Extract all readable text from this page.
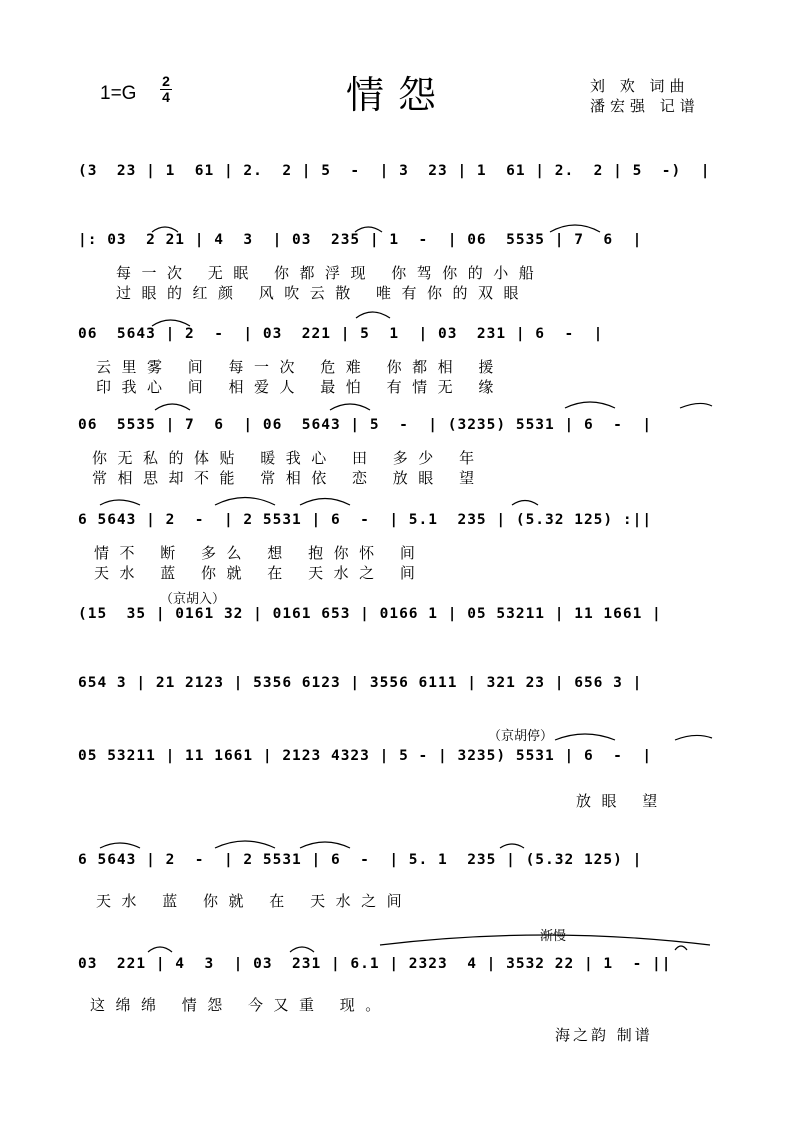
1=G
2
4	情怨	刘 欢 词曲
潘宏强 记谱
(3  23 | 1  61 | 2.  2 | 5  -  | 3  23 | 1  61 | 2.  2 | 5  -)  |
|: 03  2 21 | 4  3  | 03  235 | 1  -  | 06  5535 | 7  6  |
每一次 无眠 你都浮现 你驾你的小船
过眼的红颜 风吹云散 唯有你的双眼
06  5643 | 2  -  | 03  221 | 5  1  | 03  231 | 6  -  |
云里雾 间 每一次 危难 你都相 援
印我心 间 相爱人 最怕 有情无 缘
06  5535 | 7  6  | 06  5643 | 5  -  | (3235) 5531 | 6  -  |
你无私的体贴 暖我心 田 多少 年
常相思却不能 常相依 恋 放眼 望
6 5643 | 2  -  | 2 5531 | 6  -  | 5.1  235 | (5.32 125) :||
情不 断 多么 想 抱你怀 间
天水 蓝 你就 在 天水之 间
（京胡入）
(15  35 | 0161 32 | 0161 653 | 0166 1 | 05 53211 | 11 1661 |
654 3 | 21 2123 | 5356 6123 | 3556 6111 | 321 23 | 656 3 |
（京胡停）
05 53211 | 11 1661 | 2123 4323 | 5 - | 3235) 5531 | 6  -  |
放眼 望
6 5643 | 2  -  | 2 5531 | 6  -  | 5. 1  235 | (5.32 125) |
天水 蓝 你就 在 天水之间
渐慢
03  221 | 4  3  | 03  231 | 6.1 | 2323  4 | 3532 22 | 1  - ||
这绵绵 情怨 今又重 现。
海之韵 制谱
